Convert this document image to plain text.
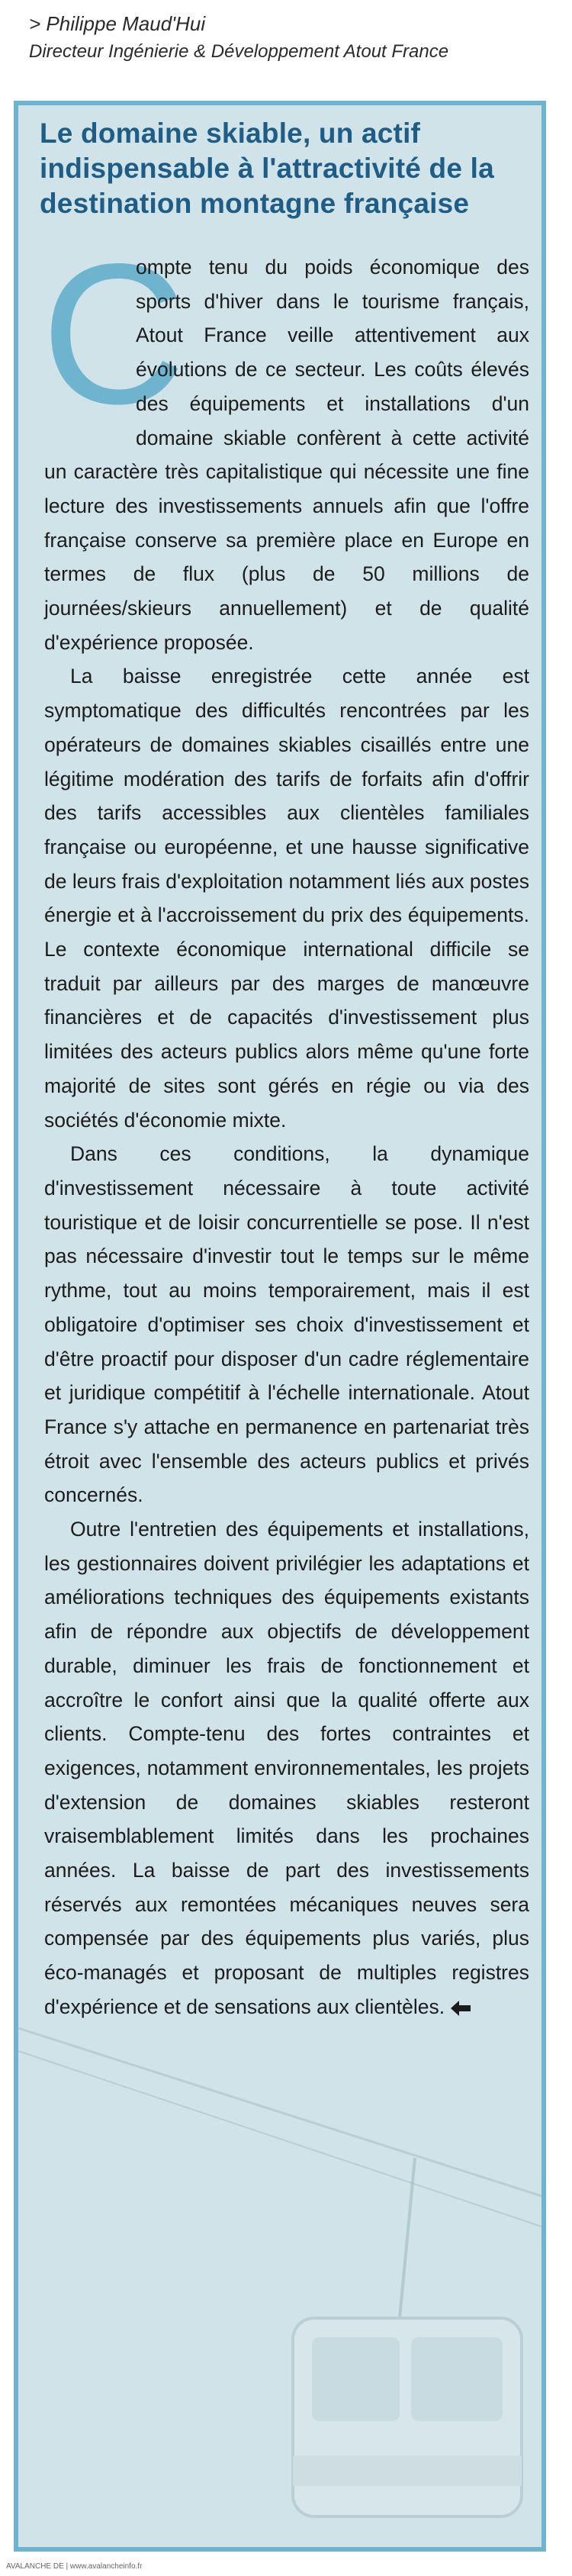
> Philippe Maud'Hui
Directeur Ingénierie & Développement Atout France
Le domaine skiable, un actif indispensable à l'attractivité de la destination montagne française
C

ompte tenu du poids économique des sports d'hiver dans le tourisme français, Atout France veille attentivement aux évolutions de ce secteur. Les coûts élevés des équipements et installations d'un domaine skiable confèrent à cette activité un caractère très capitalistique qui nécessite une fine lecture des investissements annuels afin que l'offre française conserve sa première place en Europe en termes de flux (plus de 50 millions de journées/skieurs annuellement) et de qualité d'expérience proposée.

La baisse enregistrée cette année est symptomatique des difficultés rencontrées par les opérateurs de domaines skiables cisaillés entre une légitime modération des tarifs de forfaits afin d'offrir des tarifs accessibles aux clientèles familiales française ou européenne, et une hausse significative de leurs frais d'exploitation notamment liés aux postes énergie et à l'accroissement du prix des équipements. Le contexte économique international difficile se traduit par ailleurs par des marges de manœuvre financières et de capacités d'investissement plus limitées des acteurs publics alors même qu'une forte majorité de sites sont gérés en régie ou via des sociétés d'économie mixte.

Dans ces conditions, la dynamique d'investissement nécessaire à toute activité touristique et de loisir concurrentielle se pose. Il n'est pas nécessaire d'investir tout le temps sur le même rythme, tout au moins temporairement, mais il est obligatoire d'optimiser ses choix d'investissement et d'être proactif pour disposer d'un cadre réglementaire et juridique compétitif à l'échelle internationale. Atout France s'y attache en permanence en partenariat très étroit avec l'ensemble des acteurs publics et privés concernés.

Outre l'entretien des équipements et installations, les gestionnaires doivent privilégier les adaptations et améliorations techniques des équipements existants afin de répondre aux objectifs de développement durable, diminuer les frais de fonctionnement et accroître le confort ainsi que la qualité offerte aux clients. Compte-tenu des fortes contraintes et exigences, notamment environnementales, les projets d'extension de domaines skiables resteront vraisemblablement limités dans les prochaines années. La baisse de part des investissements réservés aux remontées mécaniques neuves sera compensée par des équipements plus variés, plus éco-managés et proposant de multiples registres d'expérience et de sensations aux clientèles.

AVALANCHE DE | www.avalancheinfo.fr
